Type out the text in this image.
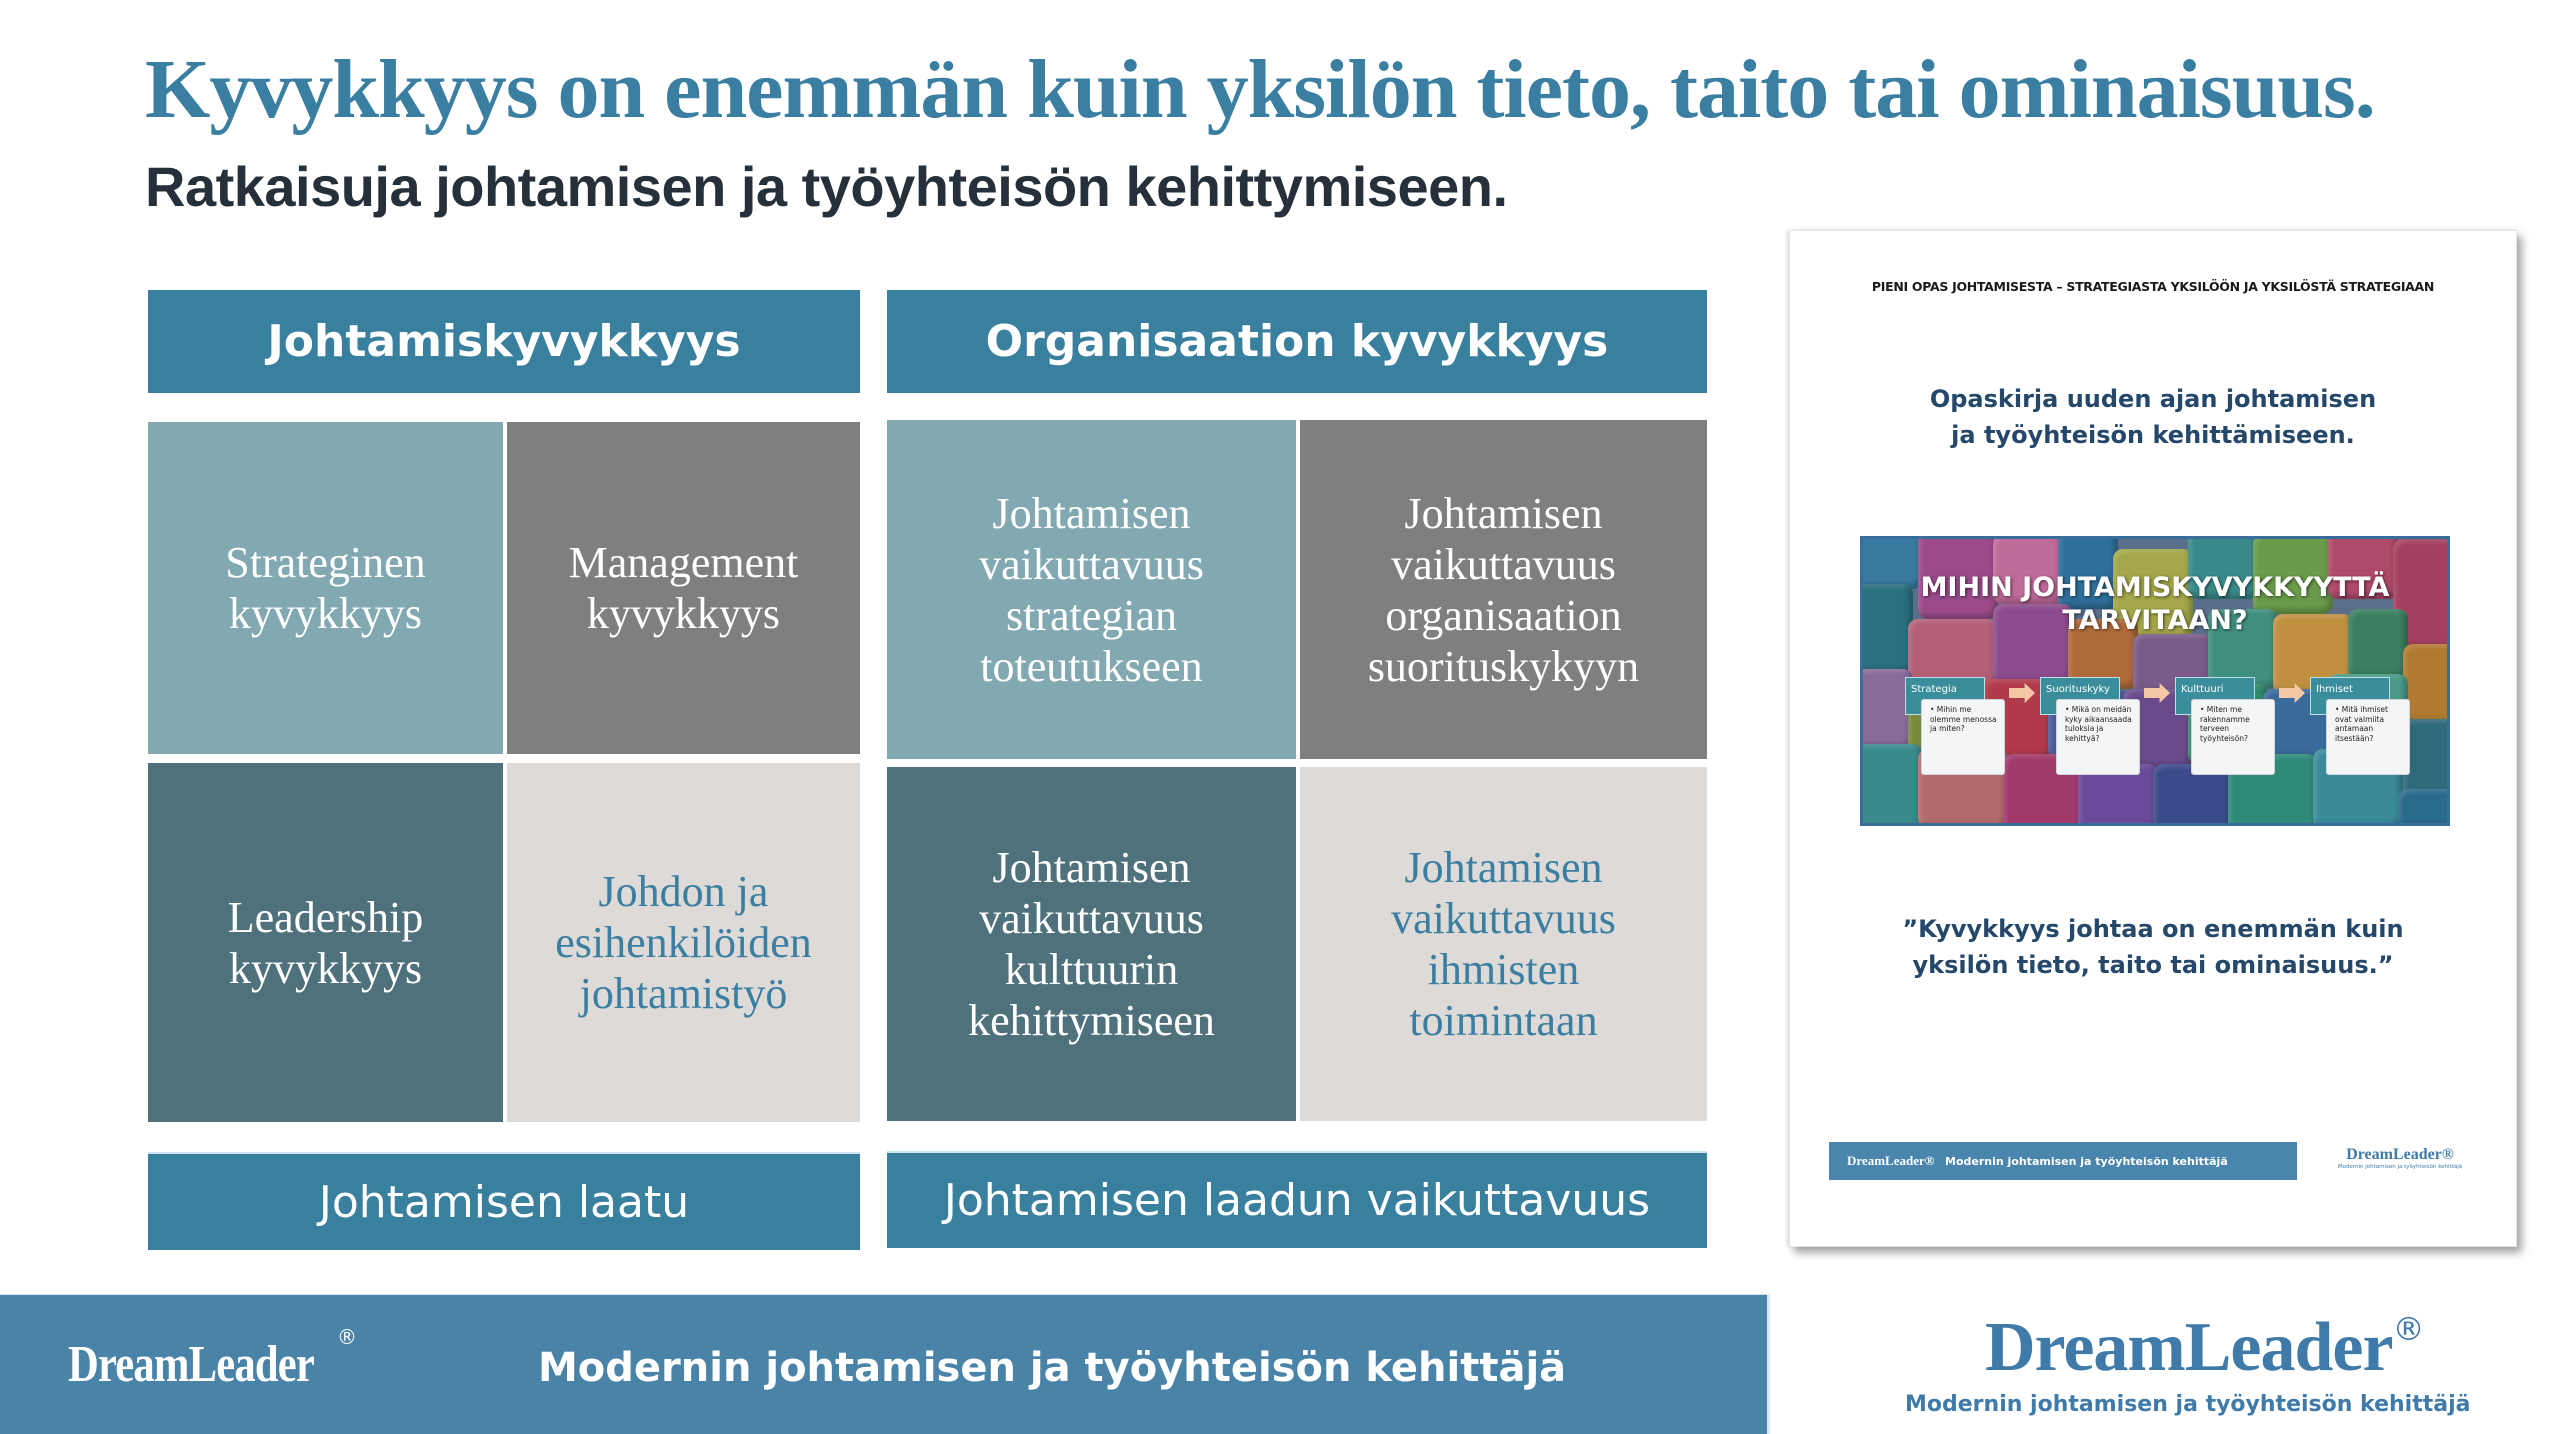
Kyvykkyys on enemmän kuin yksilön tieto, taito tai ominaisuus.
Ratkaisuja johtamisen ja työyhteisön kehittymiseen.
Johtamiskyvykkyys
Strateginen
kyvykkyys
Management
kyvykkyys
Leadership
kyvykkyys
Johdon ja
esihenkilöiden
johtamistyö
Johtamisen laatu
Organisaation kyvykkyys
Johtamisen
vaikuttavuus
strategian
toteutukseen
Johtamisen
vaikuttavuus
organisaation
suorituskykyyn
Johtamisen
vaikuttavuus
kulttuurin
kehittymiseen
Johtamisen
vaikuttavuus
ihmisten
toimintaan
Johtamisen laadun vaikuttavuus
PIENI OPAS JOHTAMISESTA – STRATEGIASTA YKSILÖÖN JA YKSILÖSTÄ STRATEGIAAN
Opaskirja uuden ajan johtamisen
ja työyhteisön kehittämiseen.
MIHIN JOHTAMISKYVYKKYYTTÄ
TARVITAAN?
Strategia
• Mihin me olemme menossa ja miten?
Suorituskyky
• Mikä on meidän kyky aikaansaada tuloksia ja kehittyä?
Kulttuuri
• Miten me rakennamme terveen työyhteisön?
Ihmiset
• Mitä ihmiset ovat valmiita antamaan itsestään?
”Kyvykkyys johtaa on enemmän kuin
yksilön tieto, taito tai ominaisuus.”
DreamLeader® Modernin johtamisen ja työyhteisön kehittäjä	DreamLeader®
Modernin johtamisen ja työyhteisön kehittäjä
DreamLeader ®
Modernin johtamisen ja työyhteisön kehittäjä	DreamLeader®
Modernin johtamisen ja työyhteisön kehittäjä
